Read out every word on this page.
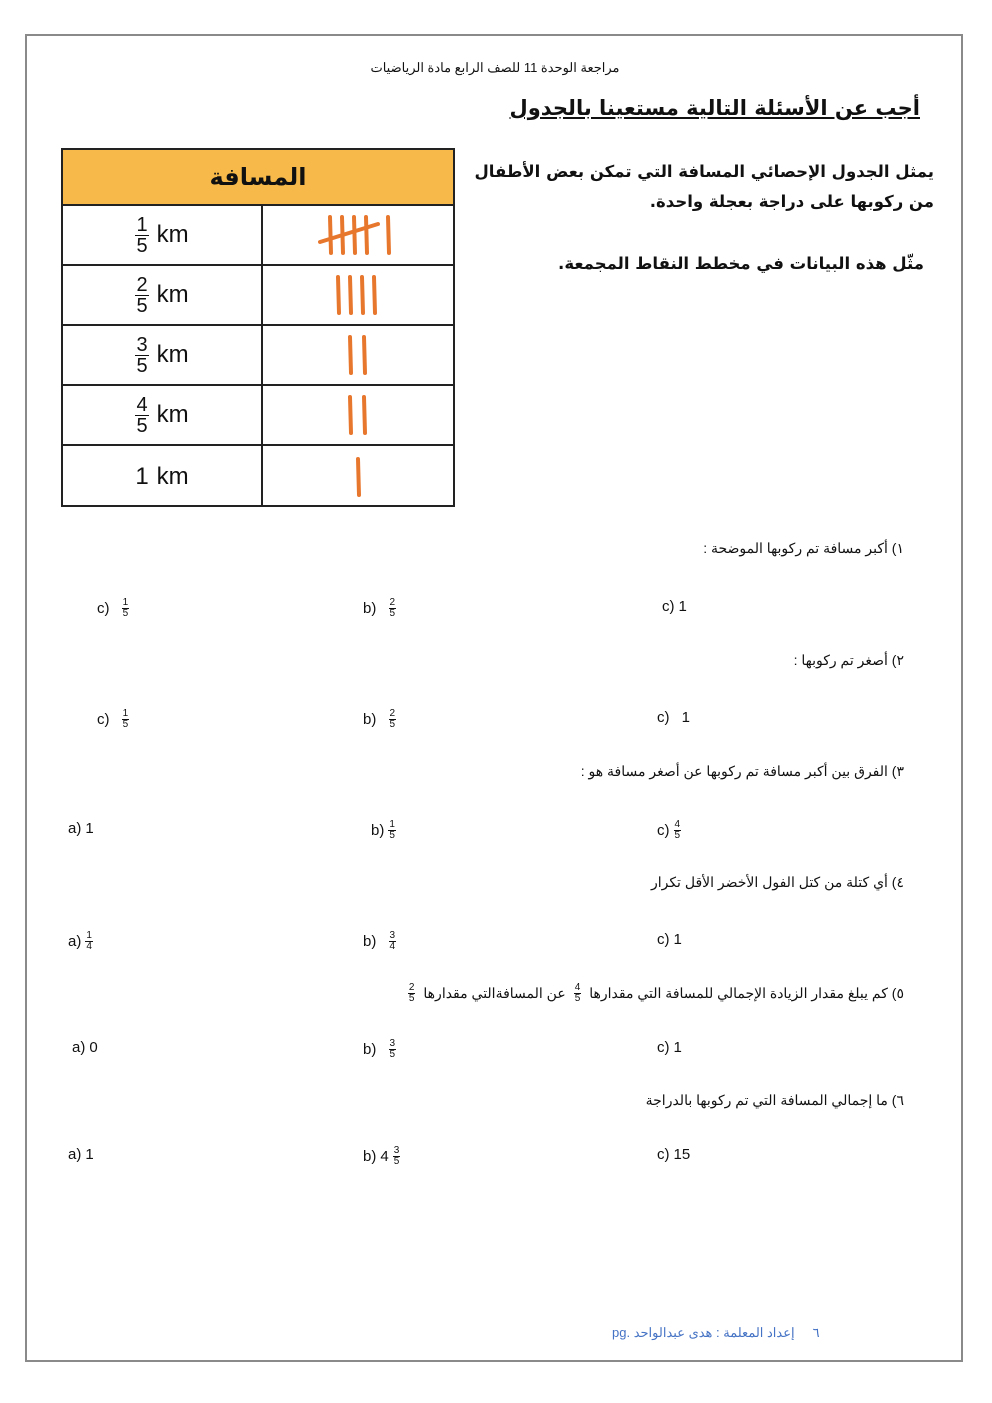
مراجعة الوحدة 11 للصف الرابع مادة الرياضيات
أجب عن الأسئلة التالية مستعينا بالجدول
يمثل الجدول الإحصائي المسافة التي تمكن بعض الأطفال من ركوبها على دراجة بعجلة واحدة.
مثّل هذه البيانات في مخطط النقاط المجمعة.
المسافة
$\frac{1}{5}$ km
$\frac{2}{5}$ km
$\frac{3}{5}$ km
$\frac{4}{5}$ km
1 km
١) أكبر مسافة تم ركوبها الموضحة :
c)
$\frac{1}{5}$	b)
$\frac{2}{5}$	c) 1
٢) أصغر تم ركوبها :
c)
$\frac{1}{5}$	b)
$\frac{2}{5}$	c)
1
٣) الفرق بين أكبر مسافة تم ركوبها عن أصغر مسافة هو :
a) 1	$b) \frac{1}{5}$	$c) \frac{4}{5}$
٤) أي كتلة من كتل الفول الأخضر الأقل تكرار
$a) \frac{1}{4}$	b)
$\frac{3}{4}$	c) 1
٥) كم يبلغ مقدار الزيادة الإجمالي للمسافة التي مقدارها
$\frac{4}{5}$
عن المسافةالتي مقدارها
$\frac{2}{5}$
a) 0	b)
$\frac{3}{5}$	c) 1
٦) ما إجمالي المسافة التي تم ركوبها بالدراجة
a) 1	b) $4 \frac{3}{5}$	c) 15
pg. ٦     إعداد المعلمة : هدى عبدالواحد
